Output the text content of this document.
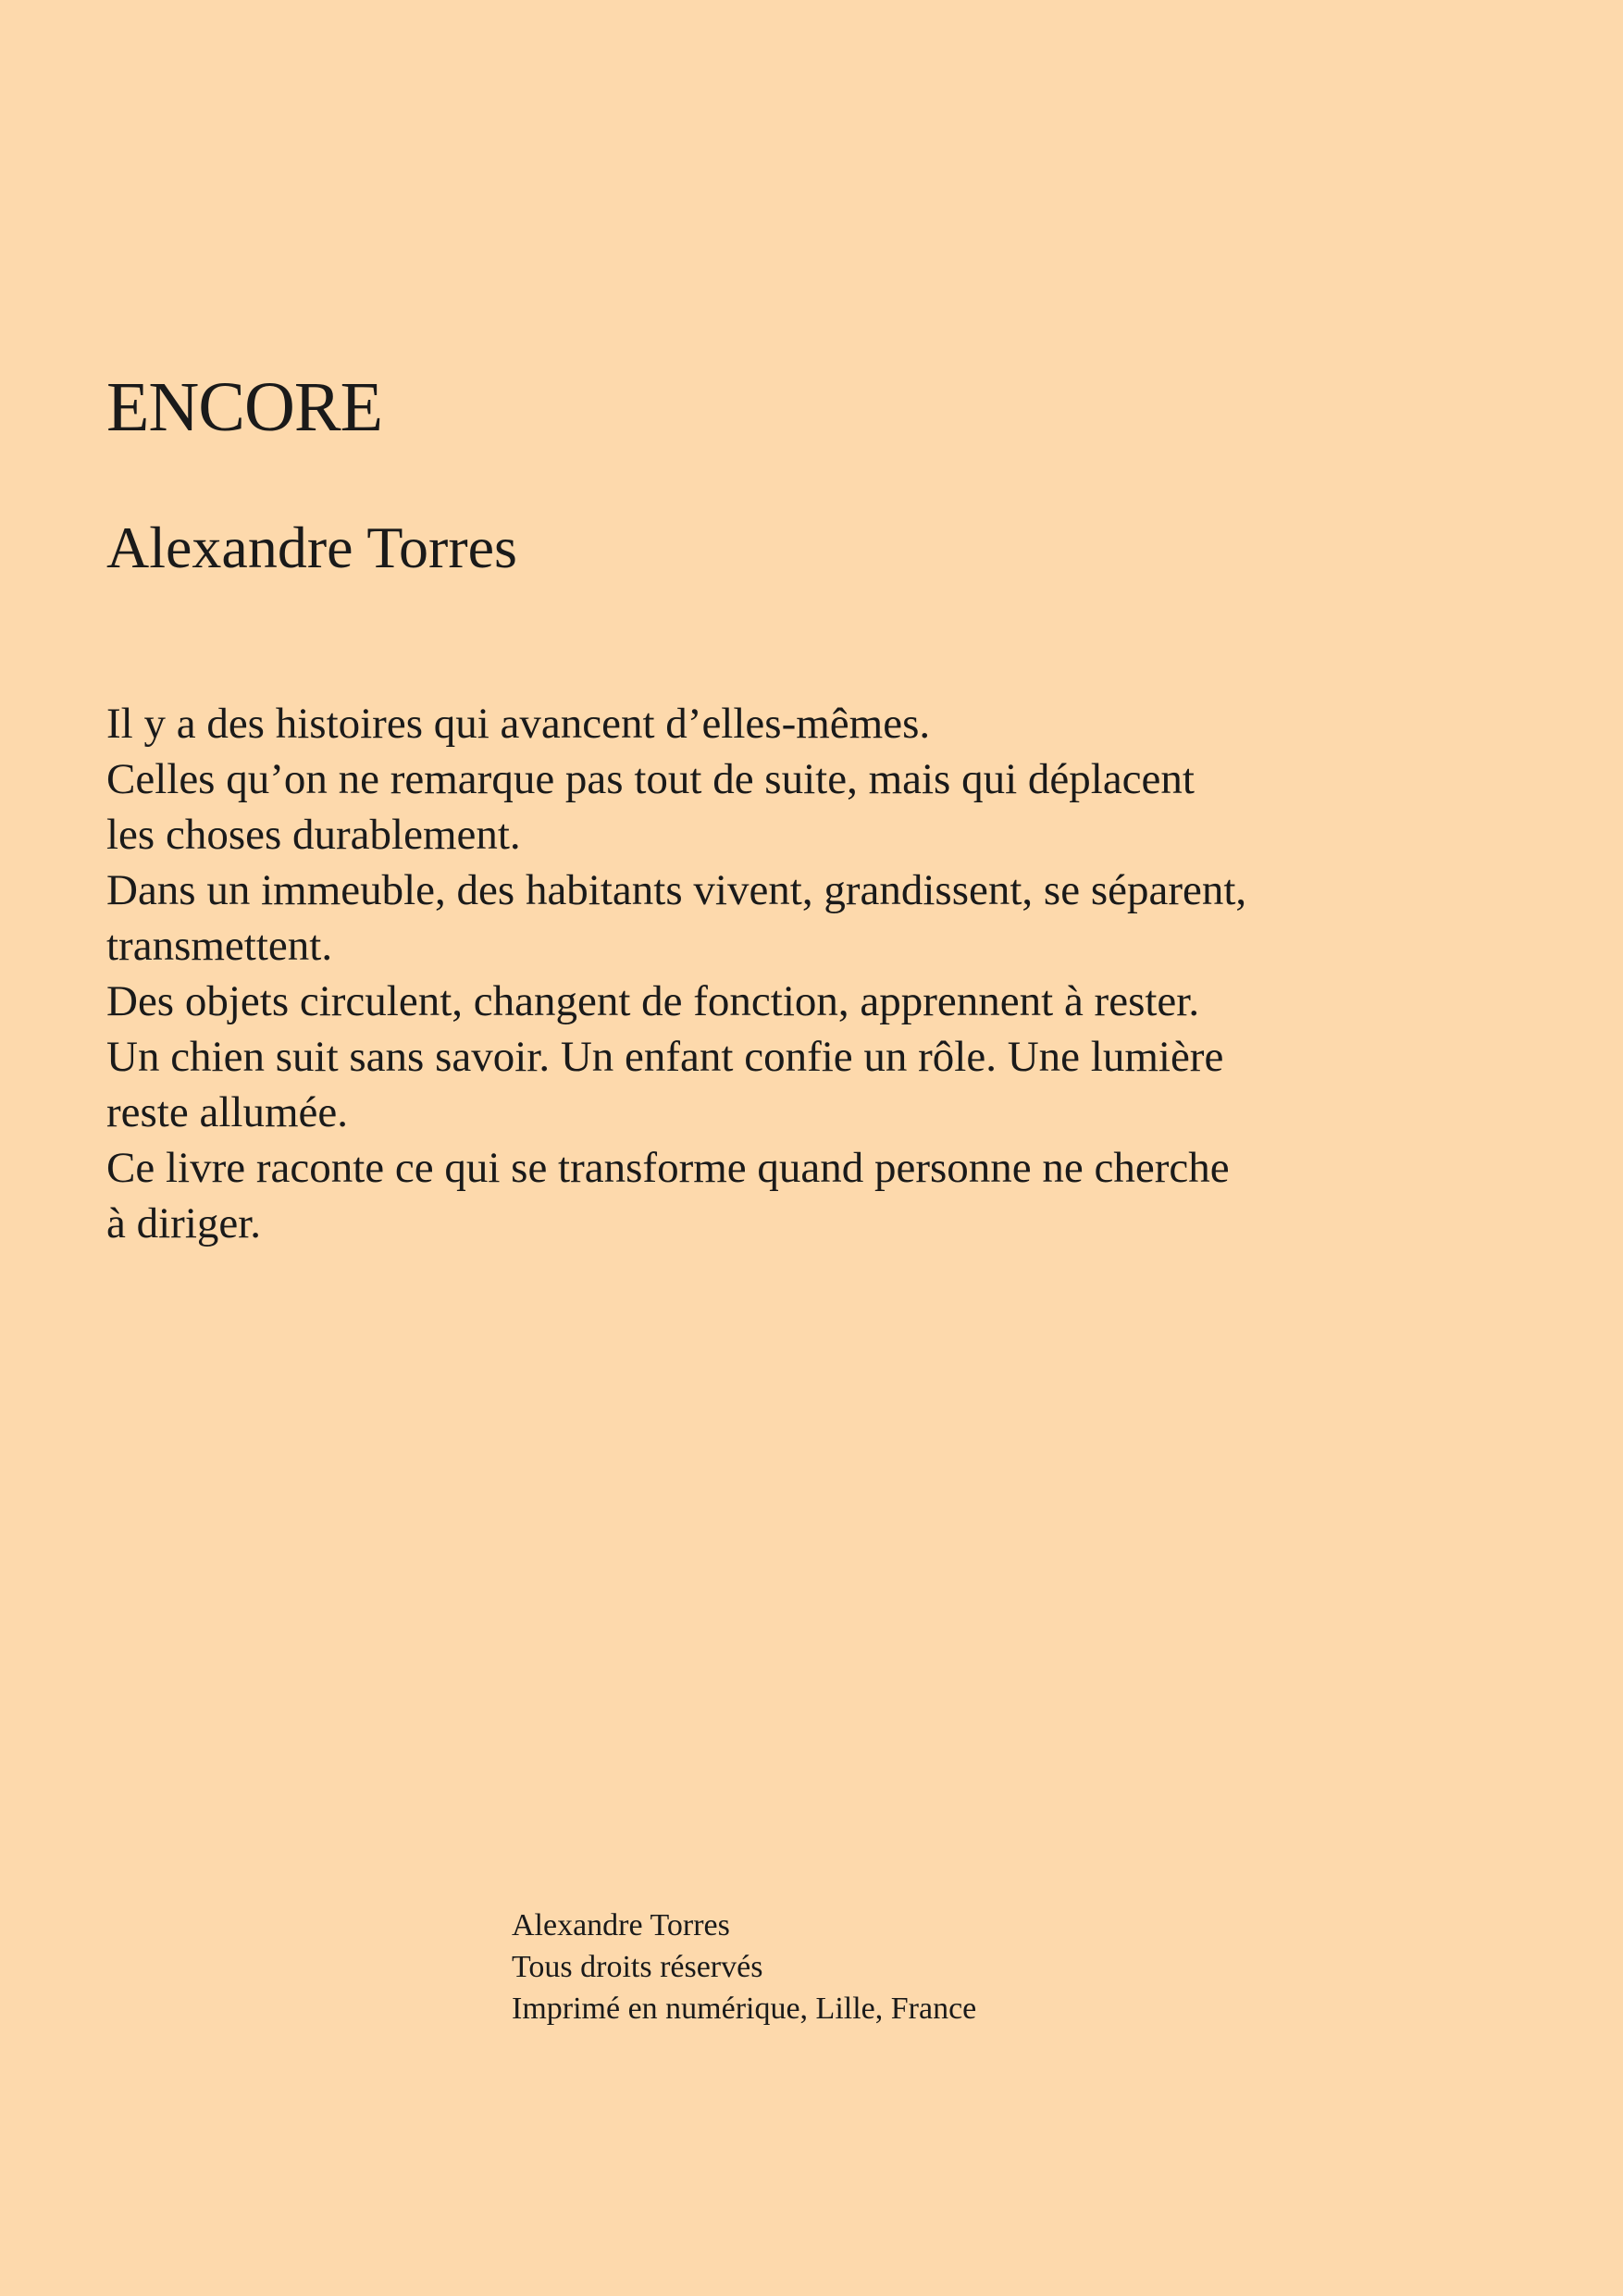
ENCORE
Alexandre Torres
Il y a des histoires qui avancent d’elles-mêmes.
Celles qu’on ne remarque pas tout de suite, mais qui déplacent
les choses durablement.
Dans un immeuble, des habitants vivent, grandissent, se séparent,
transmettent.
Des objets circulent, changent de fonction, apprennent à rester.
Un chien suit sans savoir. Un enfant confie un rôle. Une lumière
reste allumée.
Ce livre raconte ce qui se transforme quand personne ne cherche
à diriger.
Alexandre Torres
Tous droits réservés
Imprimé en numérique, Lille, France
